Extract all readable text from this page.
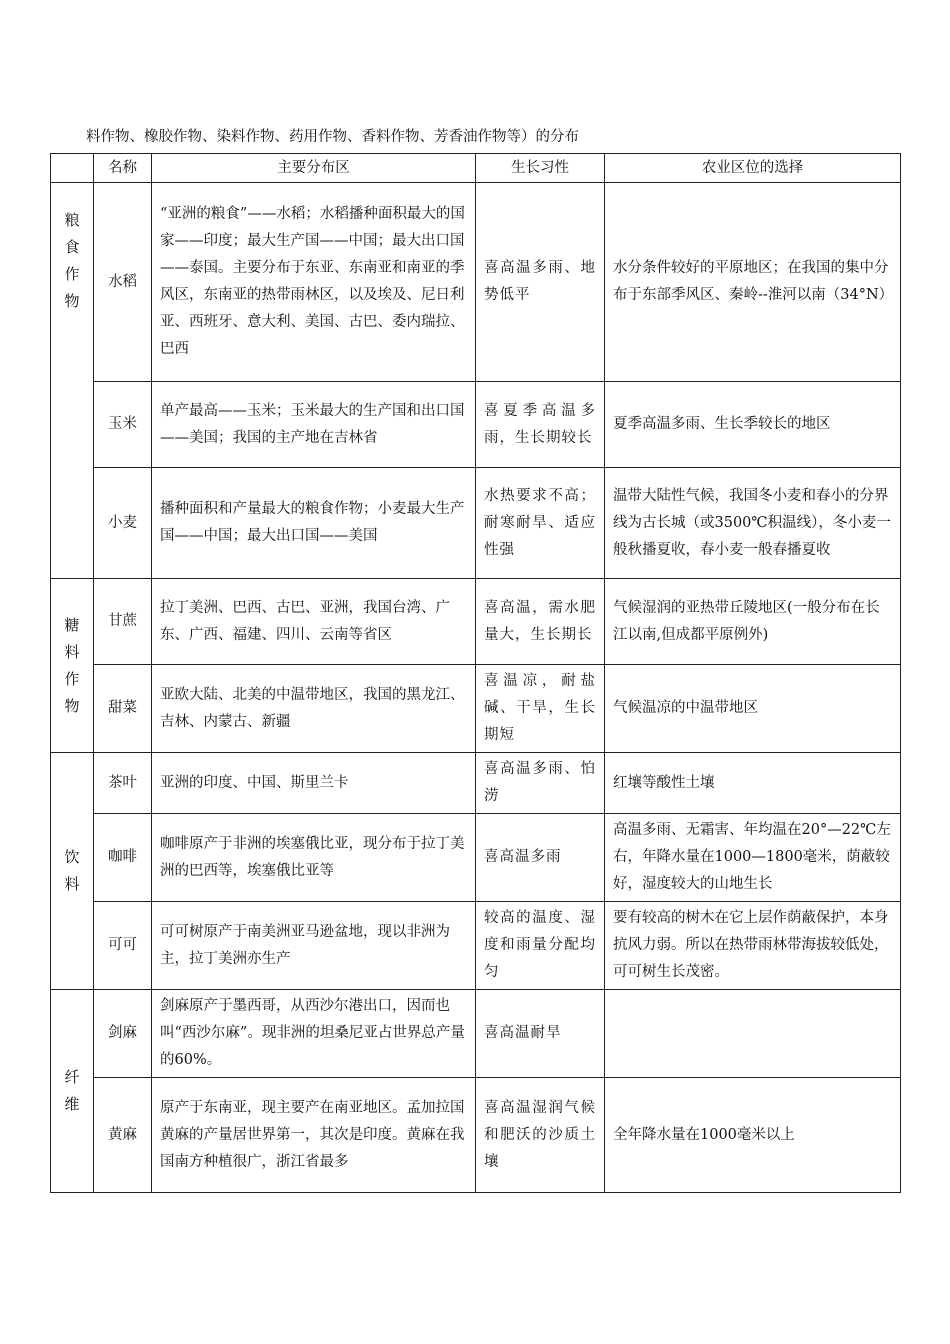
料作物、橡胶作物、染料作物、药用作物、香料作物、芳香油作物等）的分布
	名称	主要分布区	生长习性	农业区位的选择
粮食作物	水稻	“亚洲的粮食”——水稻；水稻播种面积最大的国家——印度；最大生产国——中国；最大出口国——泰国。主要分布于东亚、东南亚和南亚的季风区，东南亚的热带雨林区，以及埃及、尼日利亚、西班牙、意大利、美国、古巴、委内瑞拉、巴西	喜高温多雨、地势低平	水分条件较好的平原地区；在我国的集中分布于东部季风区、秦岭--淮河以南（34°N）
	玉米	单产最高——玉米；玉米最大的生产国和出口国——美国；我国的主产地在吉林省	喜夏季高温多雨，生长期较长	夏季高温多雨、生长季较长的地区
	小麦	播种面积和产量最大的粮食作物；小麦最大生产国——中国；最大出口国——美国	水热要求不高；耐寒耐旱、适应性强	温带大陆性气候，我国冬小麦和春小的分界线为古长城（或3500℃积温线），冬小麦一般秋播夏收，春小麦一般春播夏收
糖料作物	甘蔗	拉丁美洲、巴西、古巴、亚洲，我国台湾、广东、广西、福建、四川、云南等省区	喜高温，需水肥量大，生长期长	气候湿润的亚热带丘陵地区(一般分布在长江以南,但成都平原例外)
	甜菜	亚欧大陆、北美的中温带地区，我国的黑龙江、吉林、内蒙古、新疆	喜温凉，耐盐碱、干旱，生长期短	气候温凉的中温带地区
饮料	茶叶	亚洲的印度、中国、斯里兰卡	喜高温多雨、怕涝	红壤等酸性土壤
	咖啡	咖啡原产于非洲的埃塞俄比亚，现分布于拉丁美洲的巴西等，埃塞俄比亚等	喜高温多雨	高温多雨、无霜害、年均温在20°—22℃左右，年降水量在1000—1800毫米，荫蔽较好，湿度较大的山地生长
	可可	可可树原产于南美洲亚马逊盆地，现以非洲为主，拉丁美洲亦生产	较高的温度、湿度和雨量分配均匀	要有较高的树木在它上层作荫蔽保护，本身抗风力弱。所以在热带雨林带海拔较低处，可可树生长茂密。
纤维	剑麻	剑麻原产于墨西哥，从西沙尔港出口，因而也叫“西沙尔麻”。现非洲的坦桑尼亚占世界总产量的60%。	喜高温耐旱	
	黄麻	原产于东南亚，现主要产在南亚地区。孟加拉国黄麻的产量居世界第一，其次是印度。黄麻在我国南方种植很广，浙江省最多	喜高温湿润气候和肥沃的沙质土壤	全年降水量在1000毫米以上
